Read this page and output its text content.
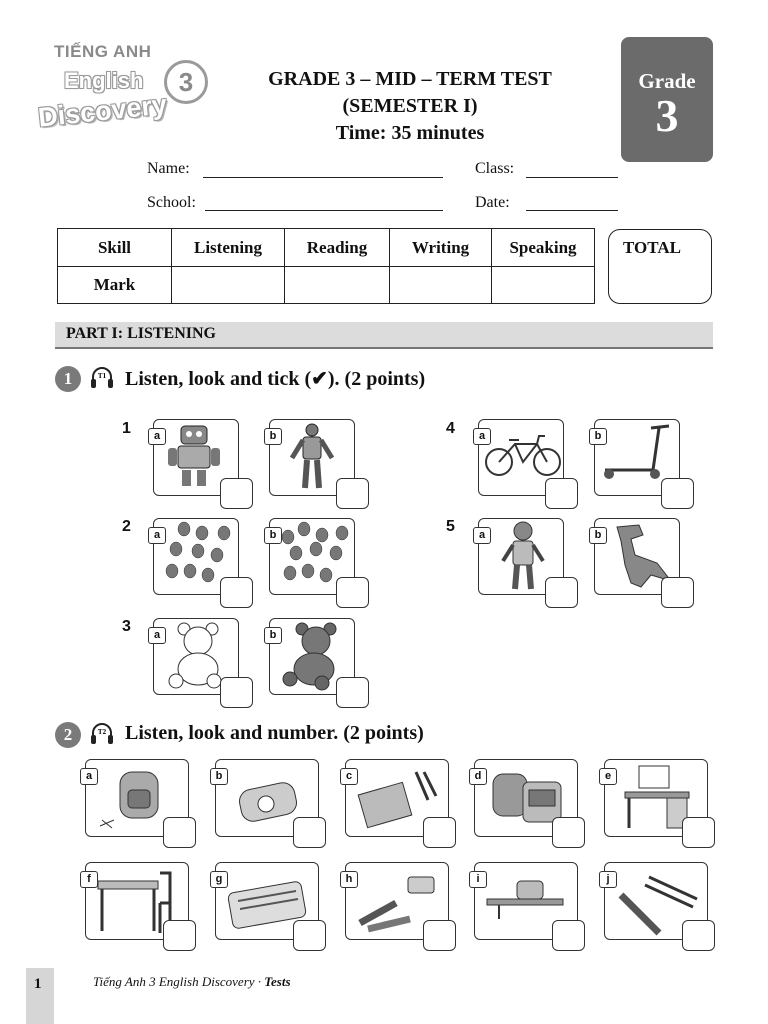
TIẾNG ANH
English	3
Discovery
GRADE 3 – MID – TERM TEST
(SEMESTER I)
Time: 35 minutes
Grade
3
Name:	Class:
School:	Date:
Skill	Listening	Reading	Writing	Speaking
Mark				
TOTAL
PART I: LISTENING
1	T1 Listen, look and tick (✔). (2 points)
1
2
3
4
5
a	b
a	b
a	b
a	b
a	b
2	T2 Listen, look and number. (2 points)
a	b	c	d	e
f	g	h	i	j
1	Tiếng Anh 3 English Discovery · Tests
